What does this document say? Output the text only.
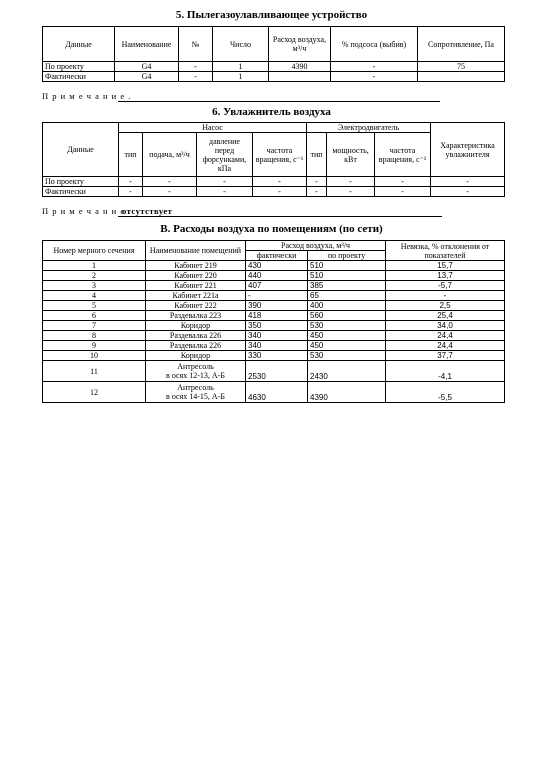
5. Пылегазоулавливающее устройство
Данные	Наименование	№	Число	Расход воздуха, м³/ч	% подсоса (выбив)	Сопротивление, Па
По проекту	G4	-	1	4390	-	75
Фактически	G4	-	1		-	
П р и м е ч а н и е .
6. Увлажнитель воздуха
Данные	Насос				Электродвигатель			Характеристика увлажнителя
	тип	подача, м³/ч	давление перед форсунками, кПа	частота вращения, с⁻¹	тип	мощность, кВт	частота вращения, с⁻¹	
По проекту	-	-	-	-	-	-	-	-
Фактически	-	-	-	-	-	-	-	-
П р и м е ч а н и е .
отсутствует
В. Расходы воздуха по помещениям (по сети)
Номер мерного сечения	Наименование помещений	Расход воздуха, м³/ч		Невязка, % отклонения от показателей
		фактически	по проекту	
1	Кабинет 219	430	510	15,7
2	Кабинет 220	440	510	13,7
3	Кабинет 221	407	385	-5,7
4	Кабинет 221а	-	65	-
5	Кабинет 222	390	400	2,5
6	Раздевалка 223	418	560	25,4
7	Коридор	350	530	34,0
8	Раздевалка 226	340	450	24,4
9	Раздевалка 226	340	450	24,4
10	Коридор	330	530	37,7
11	Антресоль
в осях 12-13, А-Б	2530	2430	-4,1
12	Антресоль
в осях 14-15, А-Б	4630	4390	-5,5
